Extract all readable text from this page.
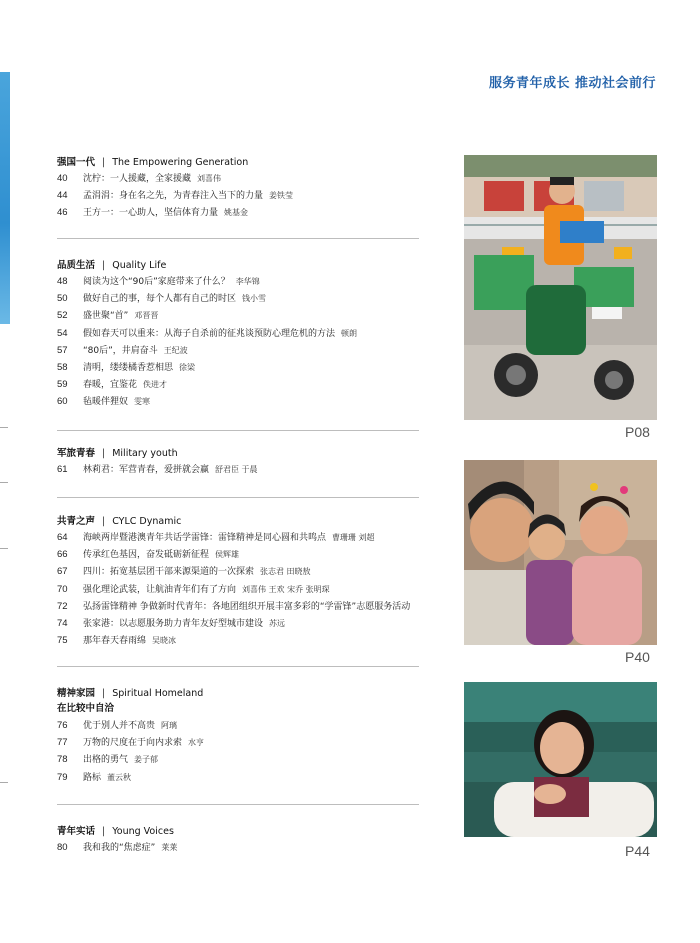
服务青年成长 推动社会前行
强国一代 | The Empowering Generation
40 沈柠：一人援藏，全家援藏 刘喜伟
44 孟涓涓：身在名之先，为青春注入当下的力量 姜铁莹
46 王方一：一心助人，坚信体育力量 姚基金
品质生活 | Quality Life
48 阅读为这个“90后”家庭带来了什么？ 李华锦
50 做好自己的事，每个人都有自己的时区 钱小雪
52 盛世聚“首” 邓晋晋
54 假如春天可以重来：从海子自杀前的征兆谈预防心理危机的方法 顿朗
57 “80后”，井肩奋斗 王纪波
58 清明，缕缕橘香惹相思 徐梁
59 春暖，宜鉴花 佚进才
60 毡暖伴狸奴 雯寒
军旅青春 | Military youth
61 林莉君：军营青春，爱拼就会赢 舒君臣 于晨
共青之声 | CYLC Dynamic
64 海峡两岸暨港澳青年共话学雷锋：雷锋精神是同心圆和共鸣点 曹珊珊 刘超
66 传承红色基因，奋发砥砺新征程 侯辉雄
67 四川：拓宽基层团干部来源渠道的一次探索 张志君 田晓敖
70 强化理论武装，让航油青年们有了方向 刘喜伟 王欢 宋乔 张明琛
72 弘扬雷锋精神 争做新时代青年：各地团组织开展丰富多彩的“学雷锋”志愿服务活动
74 张家港：以志愿服务助力青年友好型城市建设 苏远
75 那年春天春雨绵 吴晓冰
精神家园 | Spiritual Homeland
在比较中自洽
76 优于别人并不高贵 阿璃
77 万物的尺度在于向内求索 水亨
78 出格的勇气 姜子郁
79 路标 董云秋
青年实话 | Young Voices
80 我和我的“焦虑症” 莱莱
P08
P40
P44
